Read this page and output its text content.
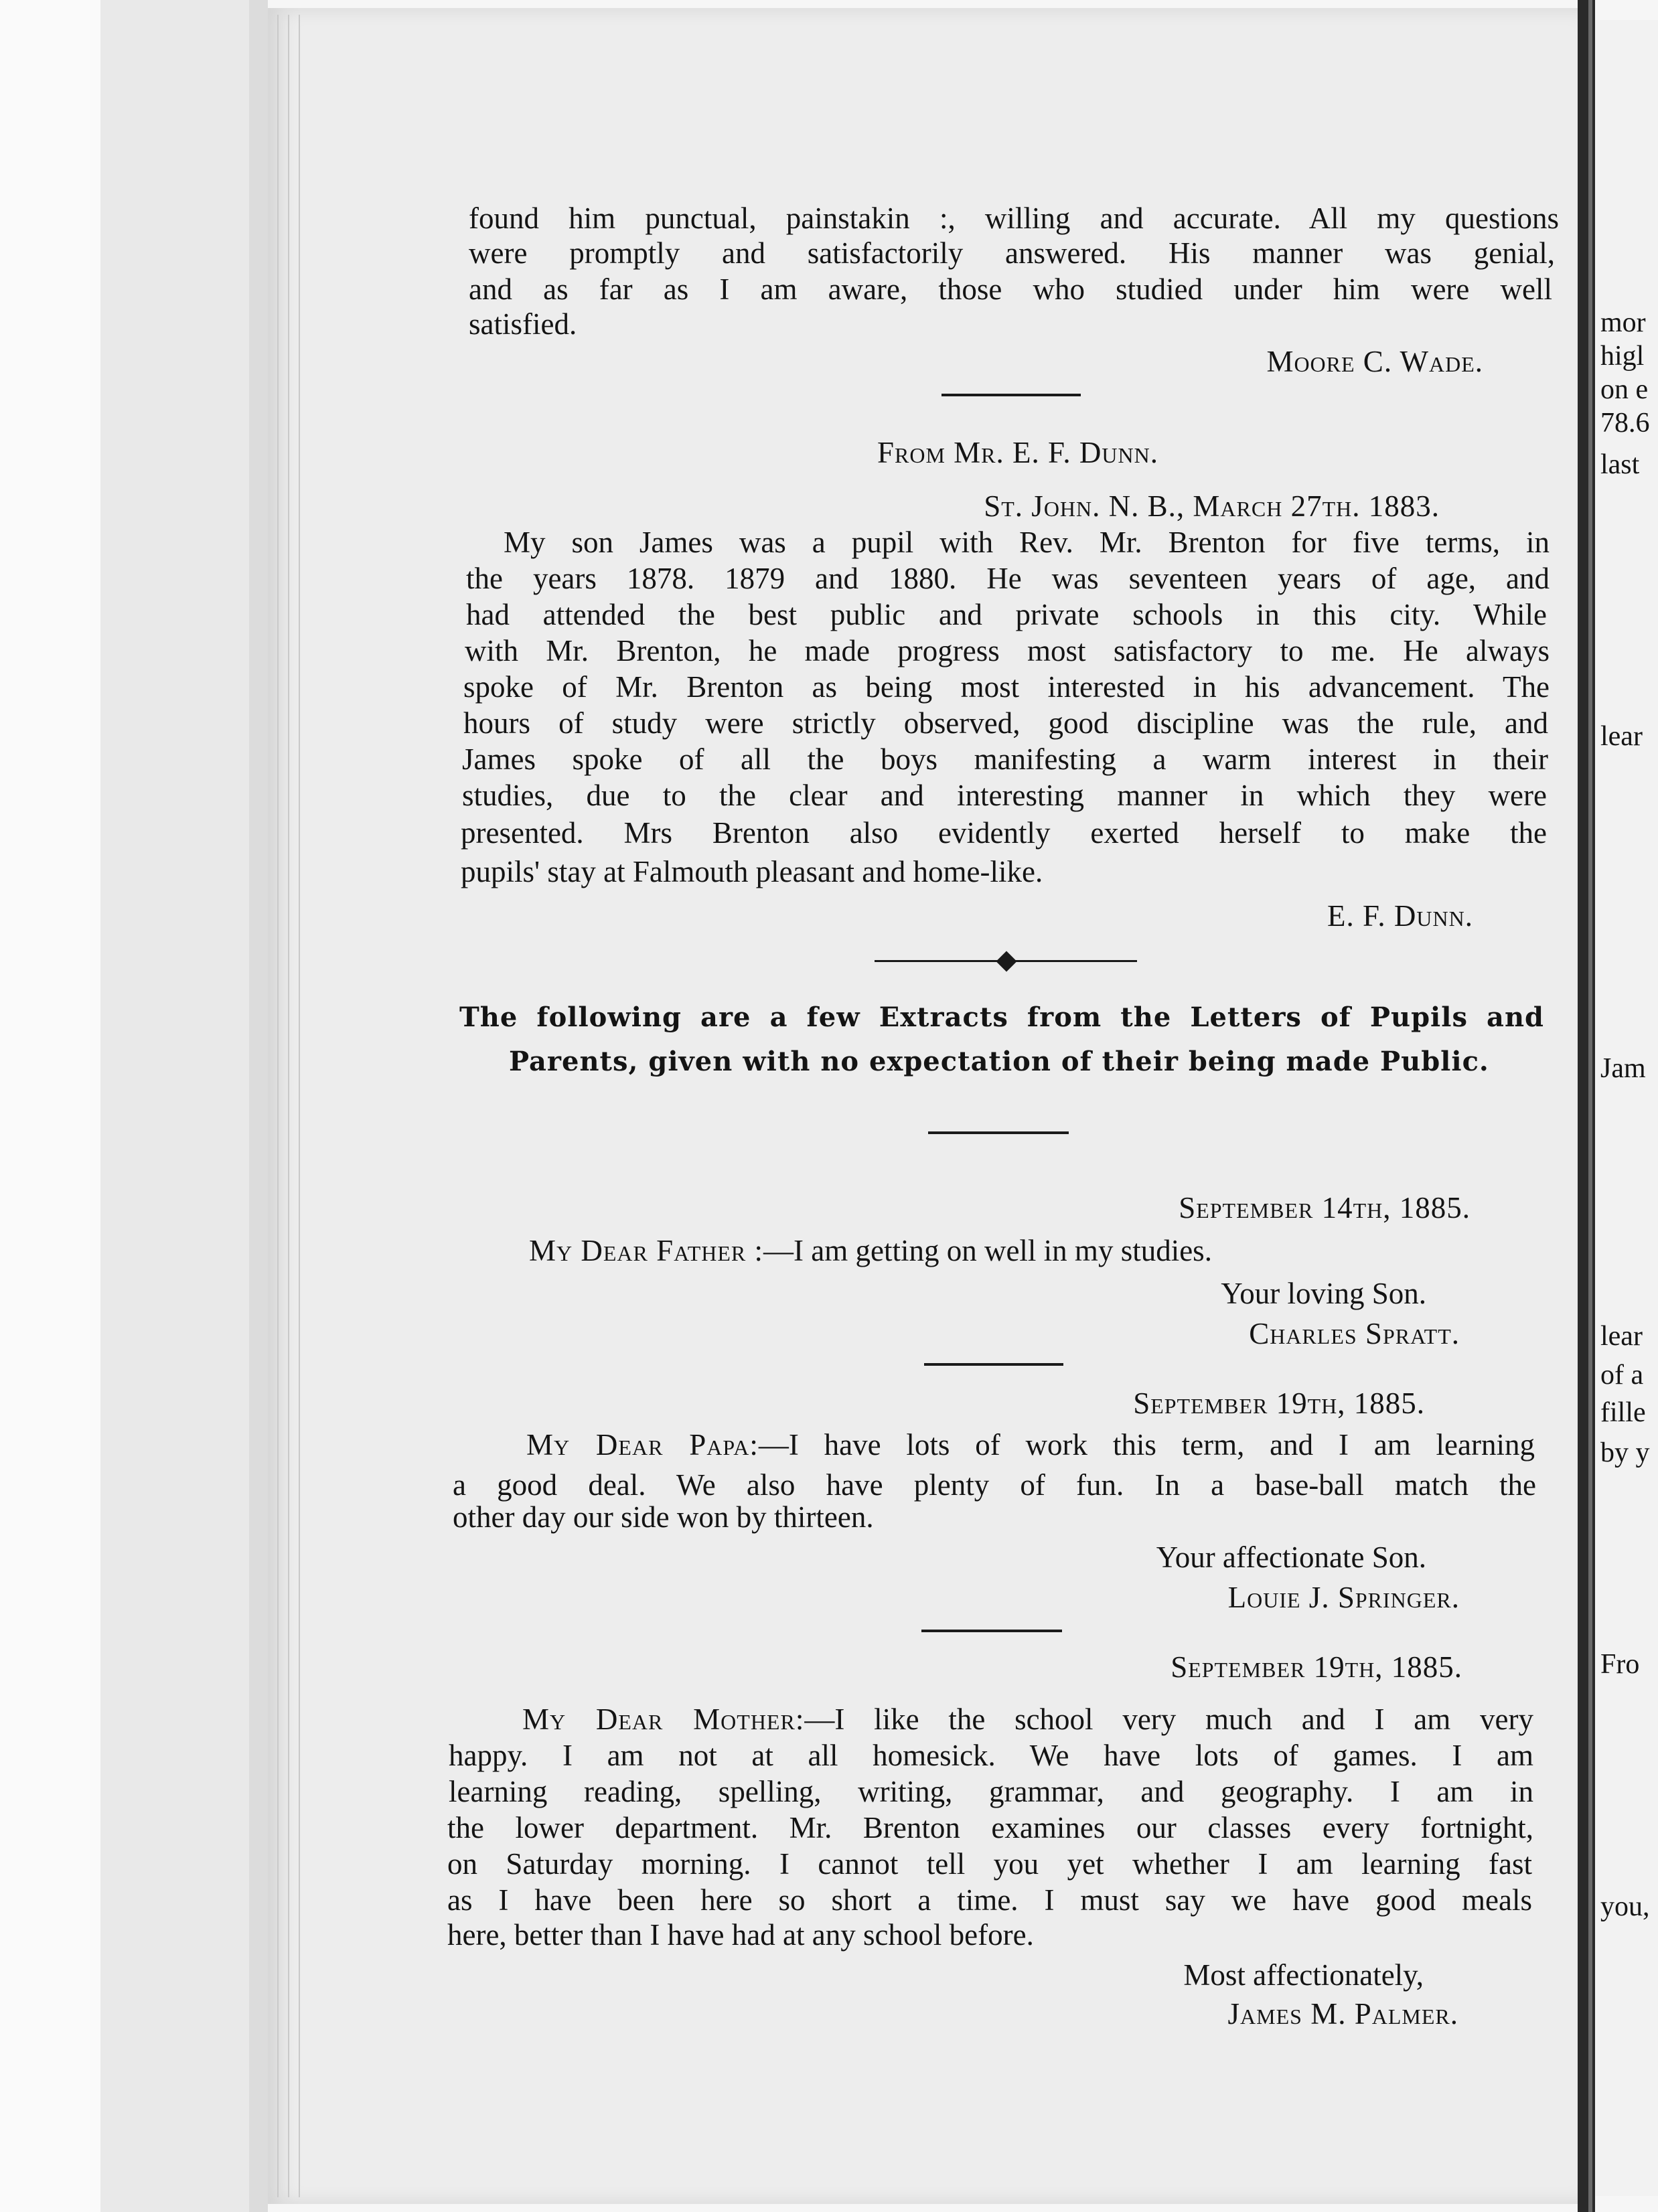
mor
higl
on e
78.6
last
lear
Jam
lear
of a
fille
by y
Fro
you,
found him punctual, painstakin :, willing and accurate. All my questions
were promptly and satisfactorily answered. His manner was genial,
and as far as I am aware, those who studied under him were well
satisfied.
Moore C. Wade.
From Mr. E. F. Dunn.
St. John. N. B., March 27th. 1883.
My son James was a pupil with Rev. Mr. Brenton for five terms, in
the years 1878. 1879 and 1880. He was seventeen years of age, and
had attended the best public and private schools in this city. While
with Mr. Brenton, he made progress most satisfactory to me. He always
spoke of Mr. Brenton as being most interested in his advancement. The
hours of study were strictly observed, good discipline was the rule, and
James spoke of all the boys manifesting a warm interest in their
studies, due to the clear and interesting manner in which they were
presented. Mrs Brenton also evidently exerted herself to make the
pupils' stay at Falmouth pleasant and home-like.
E. F. Dunn.
The following are a few Extracts from the Letters of Pupils and
Parents, given with no expectation of their being made Public.
September 14th, 1885.
My Dear Father :—I am getting on well in my studies.
Your loving Son.
Charles Spratt.
September 19th, 1885.
My Dear Papa:—I have lots of work this term, and I am learning
a good deal. We also have plenty of fun. In a base-ball match the
other day our side won by thirteen.
Your affectionate Son.
Louie J. Springer.
September 19th, 1885.
My Dear Mother:—I like the school very much and I am very
happy. I am not at all homesick. We have lots of games. I am
learning reading, spelling, writing, grammar, and geography. I am in
the lower department. Mr. Brenton examines our classes every fortnight,
on Saturday morning. I cannot tell you yet whether I am learning fast
as I have been here so short a time. I must say we have good meals
here, better than I have had at any school before.
Most affectionately,
James M. Palmer.
